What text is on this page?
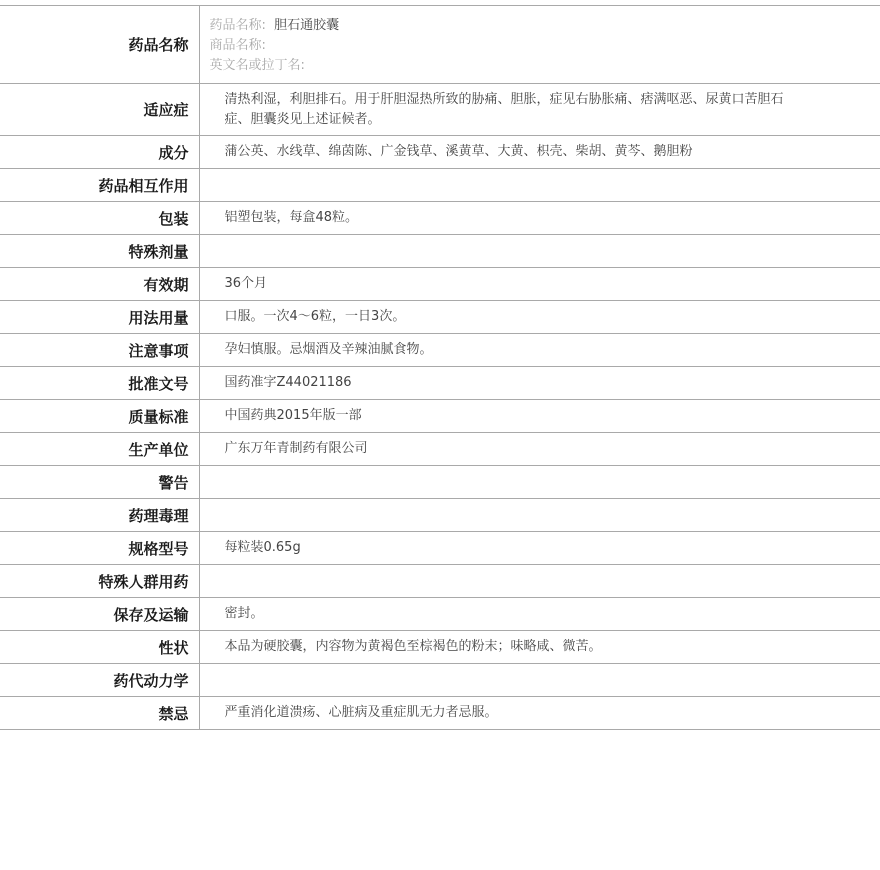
药品名称	药品名称: 胆石通胶囊
商品名称:
英文名或拉丁名:

适应症	清热利湿，利胆排石。用于肝胆湿热所致的胁痛、胆胀，症见右胁胀痛、痞满呕恶、尿黄口苦胆石症、胆囊炎见上述证候者。

成分	蒲公英、水线草、绵茵陈、广金钱草、溪黄草、大黄、枳壳、柴胡、黄芩、鹅胆粉

药品相互作用	

包装	铝塑包装，每盒48粒。

特殊剂量	

有效期	36个月

用法用量	口服。一次4～6粒，一日3次。

注意事项	孕妇慎服。忌烟酒及辛辣油腻食物。

批准文号	国药准字Z44021186

质量标准	中国药典2015年版一部

生产单位	广东万年青制药有限公司

警告	

药理毒理	

规格型号	每粒装0.65g

特殊人群用药	

保存及运输	密封。

性状	本品为硬胶囊，内容物为黄褐色至棕褐色的粉末；味略咸、微苦。

药代动力学	

禁忌	严重消化道溃疡、心脏病及重症肌无力者忌服。
